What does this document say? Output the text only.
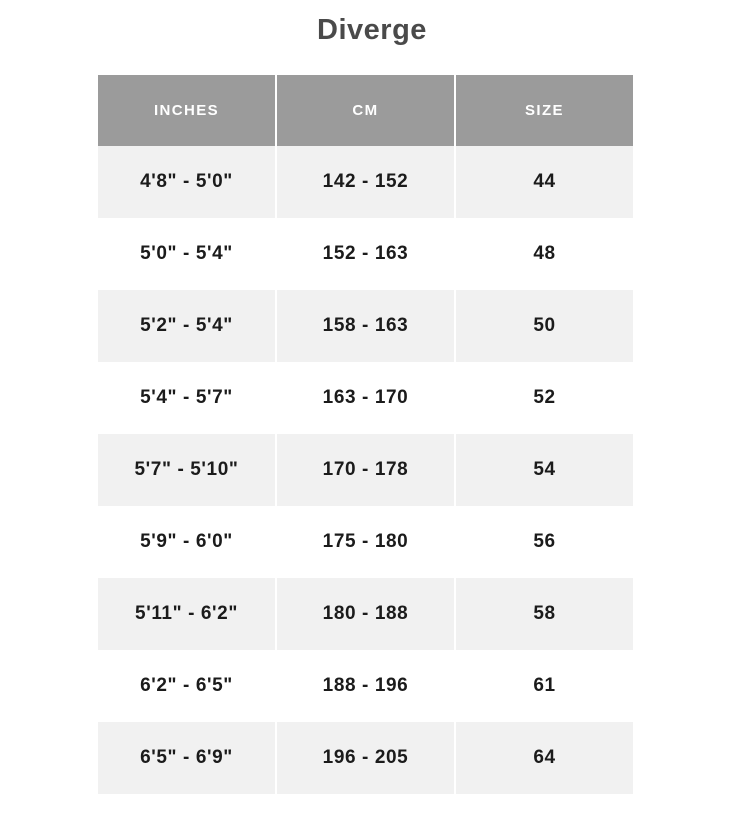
Diverge
INCHES	CM	SIZE
4'8" - 5'0"	142 - 152	44
5'0" - 5'4"	152 - 163	48
5'2" - 5'4"	158 - 163	50
5'4" - 5'7"	163 - 170	52
5'7" - 5'10"	170 - 178	54
5'9" - 6'0"	175 - 180	56
5'11" - 6'2"	180 - 188	58
6'2" - 6'5"	188 - 196	61
6'5" - 6'9"	196 - 205	64
